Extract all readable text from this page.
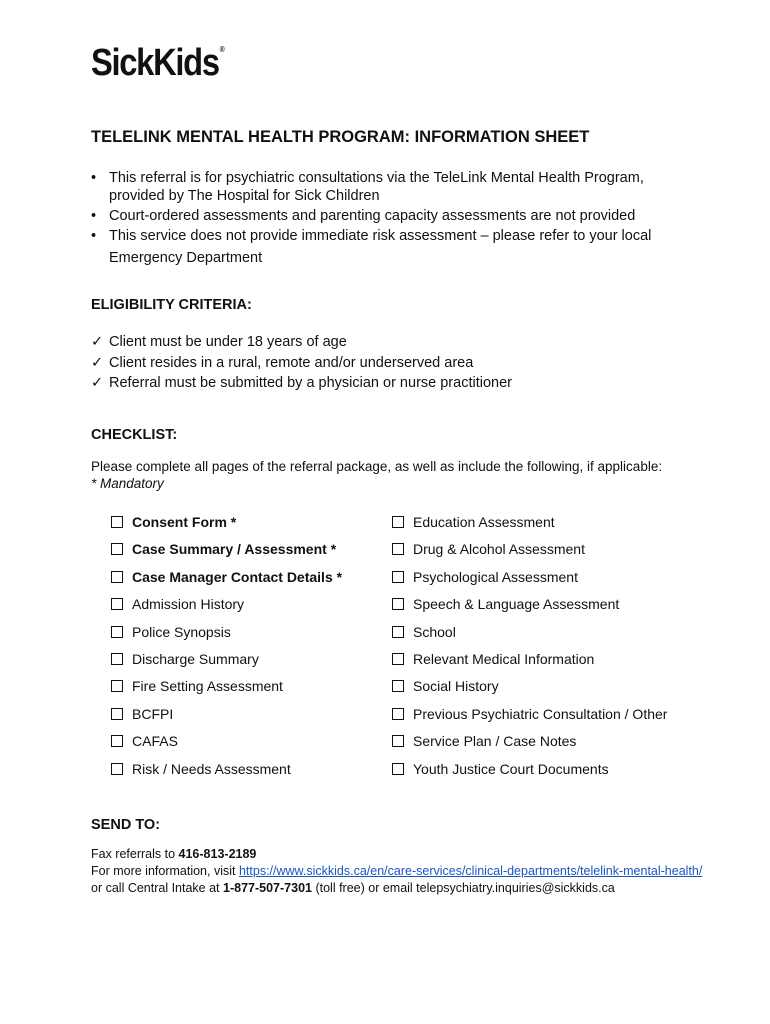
SickKids®
TELELINK MENTAL HEALTH PROGRAM: INFORMATION SHEET
• This referral is for psychiatric consultations via the TeleLink Mental Health Program,
provided by The Hospital for Sick Children
• Court-ordered assessments and parenting capacity assessments are not provided
• This service does not provide immediate risk assessment – please refer to your local
Emergency Department
ELIGIBILITY CRITERIA:
✓ Client must be under 18 years of age
✓ Client resides in a rural, remote and/or underserved area
✓ Referral must be submitted by a physician or nurse practitioner
CHECKLIST:
Please complete all pages of the referral package, as well as include the following, if applicable:
* Mandatory
Consent Form *
Case Summary / Assessment *
Case Manager Contact Details *
Admission History
Police Synopsis
Discharge Summary
Fire Setting Assessment
BCFPI
CAFAS
Risk / Needs Assessment
Education Assessment
Drug & Alcohol Assessment
Psychological Assessment
Speech & Language Assessment
School
Relevant Medical Information
Social History
Previous Psychiatric Consultation / Other
Service Plan / Case Notes
Youth Justice Court Documents
SEND TO:
Fax referrals to 416-813-2189
For more information, visit https://www.sickkids.ca/en/care-services/clinical-departments/telelink-mental-health/
or call Central Intake at 1-877-507-7301 (toll free) or email telepsychiatry.inquiries@sickkids.ca
